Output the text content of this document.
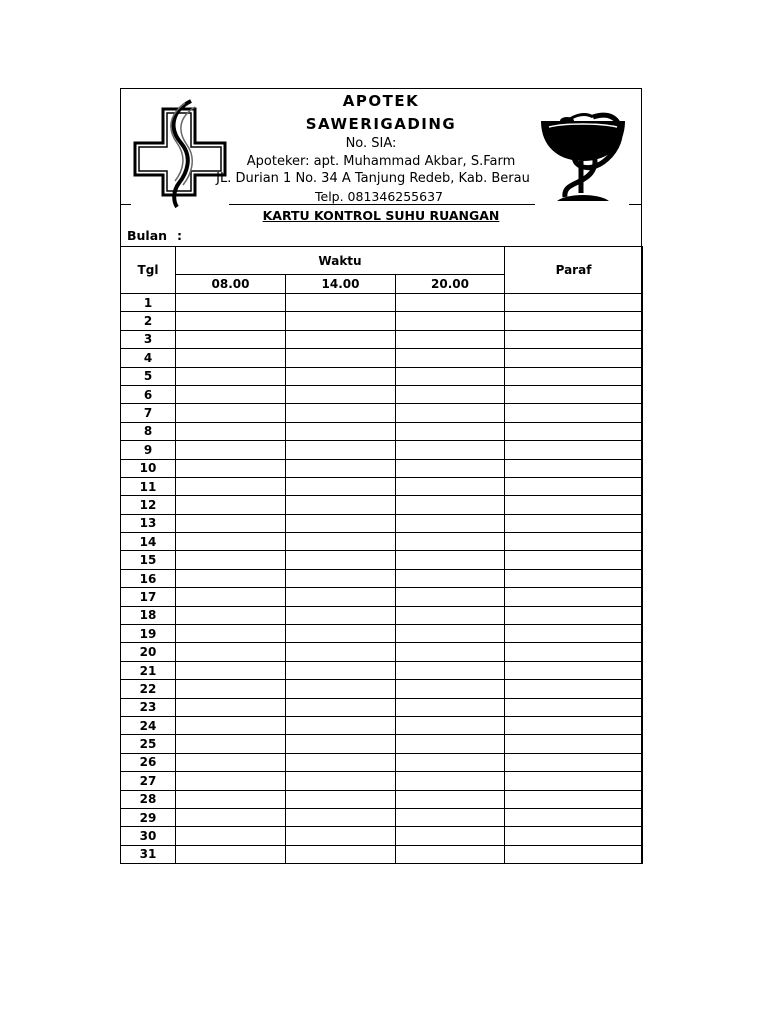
APOTEK
SAWERIGADING
No. SIA:
Apoteker: apt. Muhammad Akbar, S.Farm
JL. Durian 1 No. 34 A Tanjung Redeb, Kab. Berau
Telp. 081346255637
KARTU KONTROL SUHU RUANGAN
Bulan :
Tgl	Waktu			Paraf
	08.00	14.00	20.00	
1				
2				
3				
4				
5				
6				
7				
8				
9				
10				
11				
12				
13				
14				
15				
16				
17				
18				
19				
20				
21				
22				
23				
24				
25				
26				
27				
28				
29				
30				
31				
